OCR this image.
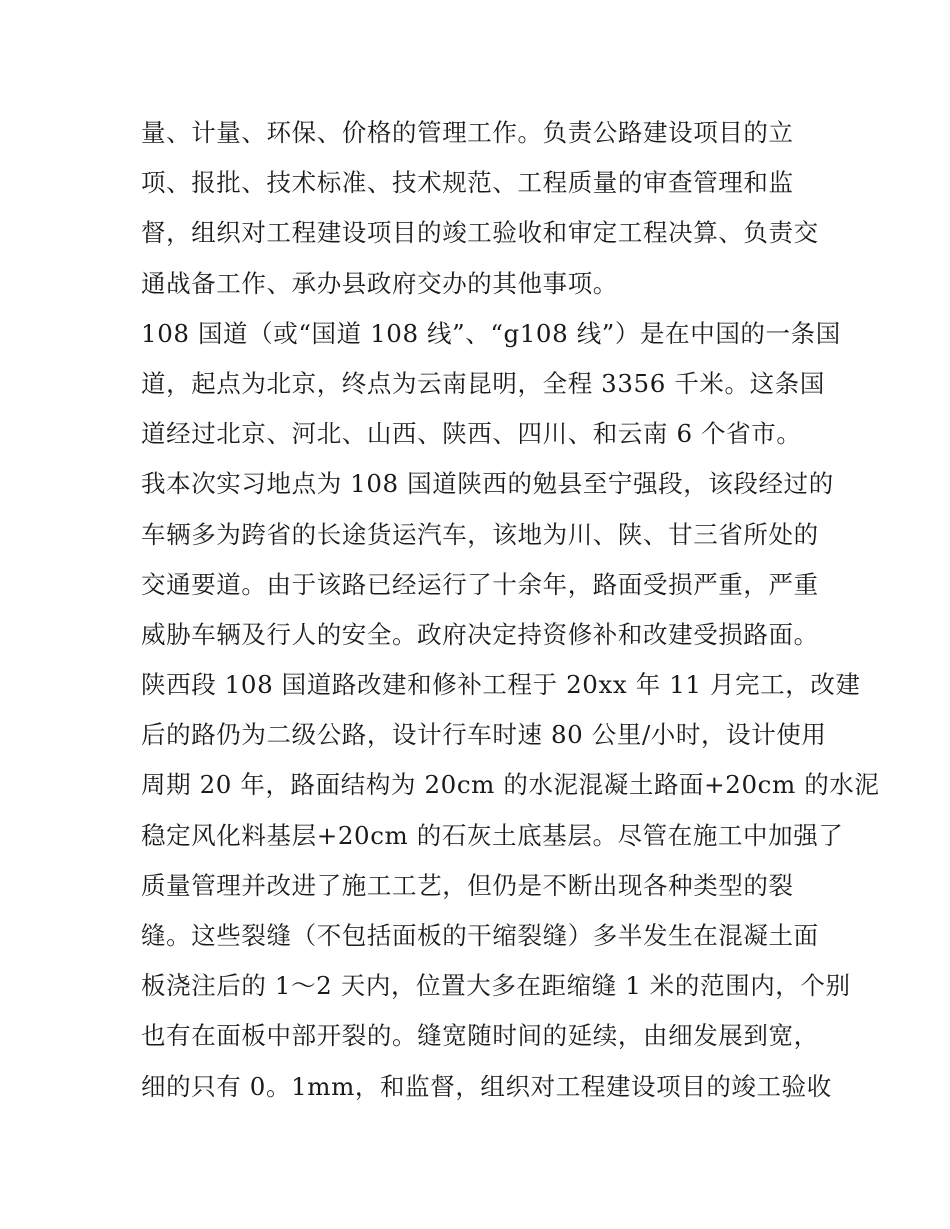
量、计量、环保、价格的管理工作。负责公路建设项目的立
项、报批、技术标准、技术规范、工程质量的审查管理和监
督，组织对工程建设项目的竣工验收和审定工程决算、负责交
通战备工作、承办县政府交办的其他事项。
108 国道（或“国道 108 线”、“g108 线”）是在中国的一条国
道，起点为北京，终点为云南昆明，全程 3356 千米。这条国
道经过北京、河北、山西、陕西、四川、和云南 6 个省市。
我本次实习地点为 108 国道陕西的勉县至宁强段，该段经过的
车辆多为跨省的长途货运汽车，该地为川、陕、甘三省所处的
交通要道。由于该路已经运行了十余年，路面受损严重，严重
威胁车辆及行人的安全。政府决定持资修补和改建受损路面。
陕西段 108 国道路改建和修补工程于 20xx 年 11 月完工，改建
后的路仍为二级公路，设计行车时速 80 公里/小时，设计使用
周期 20 年，路面结构为 20cm 的水泥混凝土路面+20cm 的水泥
稳定风化料基层+20cm 的石灰土底基层。尽管在施工中加强了
质量管理并改进了施工工艺，但仍是不断出现各种类型的裂
缝。这些裂缝（不包括面板的干缩裂缝）多半发生在混凝土面
板浇注后的 1～2 天内，位置大多在距缩缝 1 米的范围内，个别
也有在面板中部开裂的。缝宽随时间的延续，由细发展到宽，
细的只有 0。1mm，和监督，组织对工程建设项目的竣工验收
